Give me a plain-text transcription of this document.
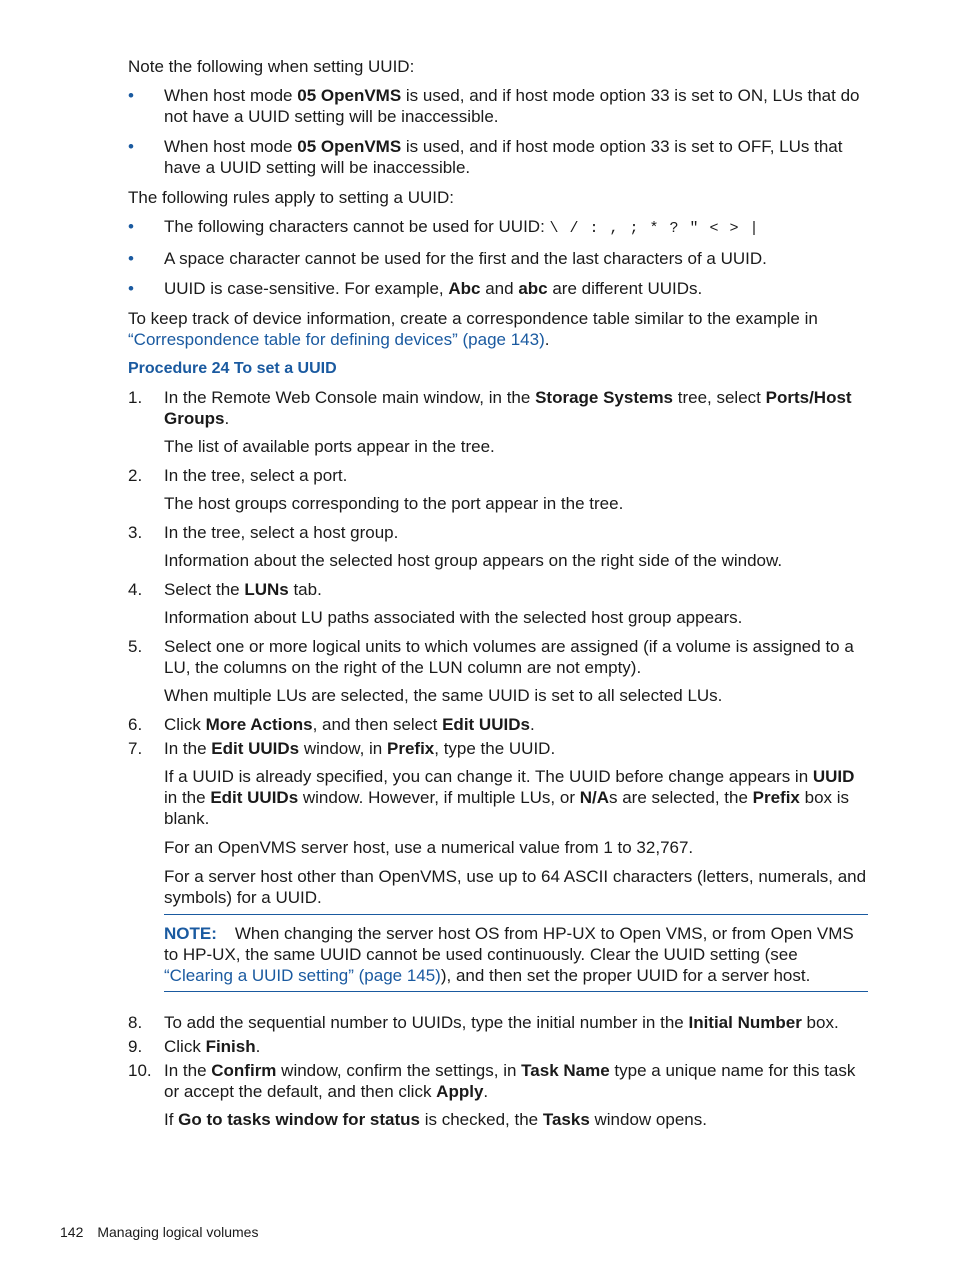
Note the following when setting UUID:

• When host mode 05 OpenVMS is used, and if host mode option 33 is set to ON, LUs that do not have a UUID setting will be inaccessible.
• When host mode 05 OpenVMS is used, and if host mode option 33 is set to OFF, LUs that have a UUID setting will be inaccessible.

The following rules apply to setting a UUID:

• The following characters cannot be used for UUID: \ / : , ; * ? " < > |
• A space character cannot be used for the first and the last characters of a UUID.
• UUID is case-sensitive. For example, Abc and abc are different UUIDs.

To keep track of device information, create a correspondence table similar to the example in “Correspondence table for defining devices” (page 143).

Procedure 24 To set a UUID

1. In the Remote Web Console main window, in the Storage Systems tree, select Ports/Host Groups.

The list of available ports appear in the tree.

2. In the tree, select a port.

The host groups corresponding to the port appear in the tree.

3. In the tree, select a host group.

Information about the selected host group appears on the right side of the window.

4. Select the LUNs tab.

Information about LU paths associated with the selected host group appears.

5. Select one or more logical units to which volumes are assigned (if a volume is assigned to a LU, the columns on the right of the LUN column are not empty).

When multiple LUs are selected, the same UUID is set to all selected LUs.

6. Click More Actions, and then select Edit UUIDs.
7. In the Edit UUIDs window, in Prefix, type the UUID.

If a UUID is already specified, you can change it. The UUID before change appears in UUID in the Edit UUIDs window. However, if multiple LUs, or N/As are selected, the Prefix box is blank.

For an OpenVMS server host, use a numerical value from 1 to 32,767.

For a server host other than OpenVMS, use up to 64 ASCII characters (letters, numerals, and symbols) for a UUID.

NOTE: When changing the server host OS from HP-UX to Open VMS, or from Open VMS to HP-UX, the same UUID cannot be used continuously. Clear the UUID setting (see “Clearing a UUID setting” (page 145)), and then set the proper UUID for a server host.
8. To add the sequential number to UUIDs, type the initial number in the Initial Number box.
9. Click Finish.
10. In the Confirm window, confirm the settings, in Task Name type a unique name for this task or accept the default, and then click Apply.

If Go to tasks window for status is checked, the Tasks window opens.

142 Managing logical volumes
